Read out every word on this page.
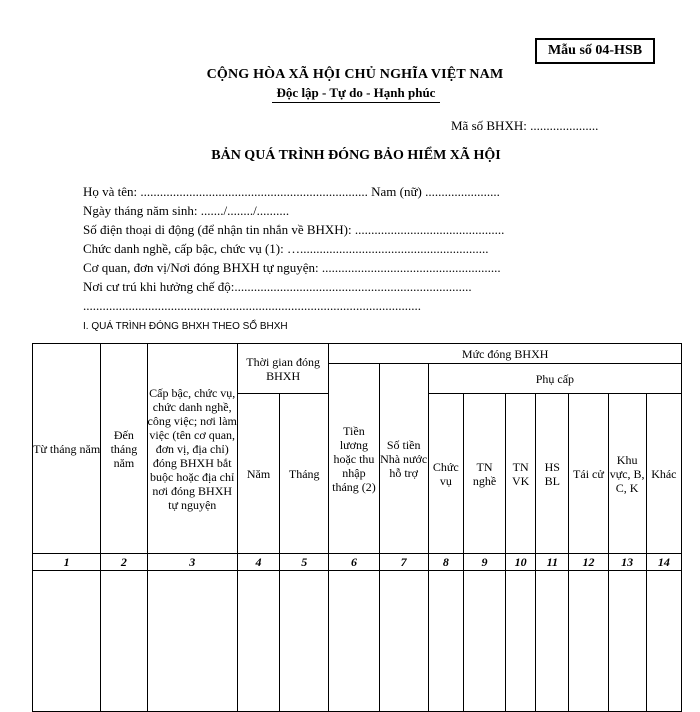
Mẫu số 04-HSB
CỘNG HÒA XÃ HỘI CHỦ NGHĨA VIỆT NAM
Độc lập - Tự do - Hạnh phúc
Mã số BHXH: .....................
BẢN QUÁ TRÌNH ĐÓNG BẢO HIỂM XÃ HỘI
Họ và tên: ...................................................................... Nam (nữ) .......................
Ngày tháng năm sinh: ......./......../..........
Số điện thoại di động (để nhận tin nhắn về BHXH): ..............................................
Chức danh nghề, cấp bậc, chức vụ (1): …..........................................................
Cơ quan, đơn vị/Nơi đóng BHXH tự nguyện: .......................................................
Nơi cư trú khi hưởng chế độ:.........................................................................
........................................................................................................
I. QUÁ TRÌNH ĐÓNG BHXH THEO SỔ BHXH
Từ tháng năm	Đến tháng năm	Cấp bậc, chức vụ, chức danh nghề, công việc; nơi làm việc (tên cơ quan, đơn vị, địa chỉ) đóng BHXH bắt buộc hoặc địa chỉ nơi đóng BHXH tự nguyện	Thời gian đóng BHXH		Mức đóng BHXH								
					Tiền lương hoặc thu nhập tháng (2)	Số tiền Nhà nước hỗ trợ	Phụ cấp						
			Năm	Tháng			Chức vụ	TN nghề	TN VK	HS BL	Tái cử	Khu vực, B, C, K	Khác
1	2	3	4	5	6	7	8	9	10	11	12	13	14
